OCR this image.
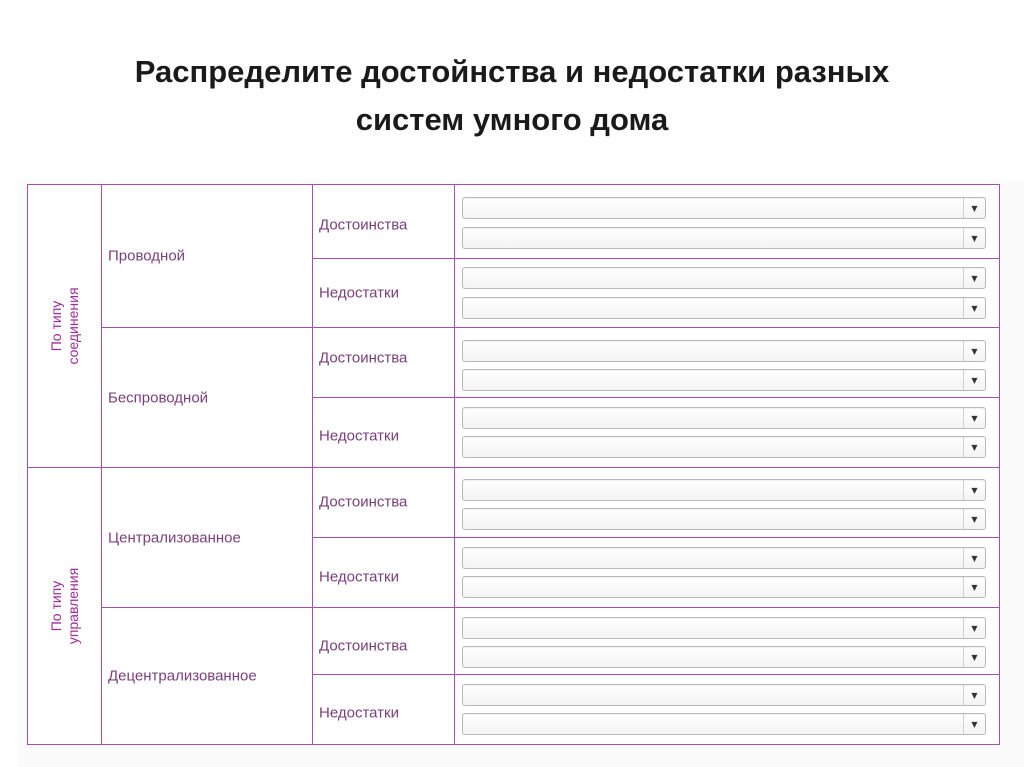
Распределите достойнства и недостатки разных
систем умного дома
По типу соединения
Проводной
Беспроводной
Достоинства
▼
▼
Недостатки
▼
▼
Достоинства	▼
▼
Недостатки
▼
▼
По типу управления
Централизованное
Децентрализованное
Достоинства
▼
▼
Недостатки
▼
▼
Достоинства
▼
▼
Недостатки
▼
▼
